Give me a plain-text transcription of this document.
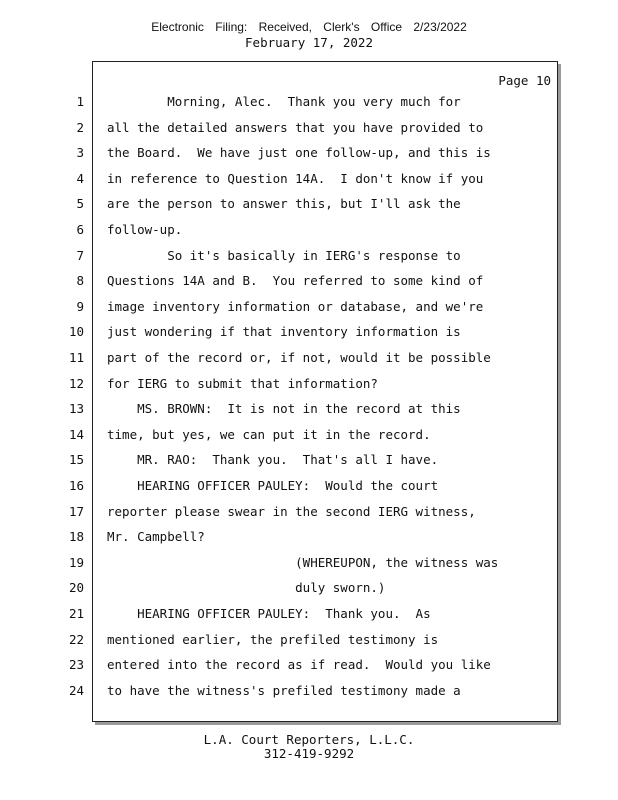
Electronic Filing: Received, Clerk's Office 2/23/2022
February 17, 2022
Page 10
1 Morning, Alec.  Thank you very much for
2 all the detailed answers that you have provided to
3 the Board.  We have just one follow-up, and this is
4 in reference to Question 14A.  I don't know if you
5 are the person to answer this, but I'll ask the
6 follow-up.
7 So it's basically in IERG's response to
8 Questions 14A and B.  You referred to some kind of
9 image inventory information or database, and we're
10 just wondering if that inventory information is
11 part of the record or, if not, would it be possible
12 for IERG to submit that information?
13 MS. BROWN:  It is not in the record at this
14 time, but yes, we can put it in the record.
15 MR. RAO:  Thank you.  That's all I have.
16 HEARING OFFICER PAULEY:  Would the court
17 reporter please swear in the second IERG witness,
18 Mr. Campbell?
19 (WHEREUPON, the witness was
20 duly sworn.)
21 HEARING OFFICER PAULEY:  Thank you.  As
22 mentioned earlier, the prefiled testimony is
23 entered into the record as if read.  Would you like
24 to have the witness's prefiled testimony made a
L.A. Court Reporters, L.L.C.
312-419-9292
